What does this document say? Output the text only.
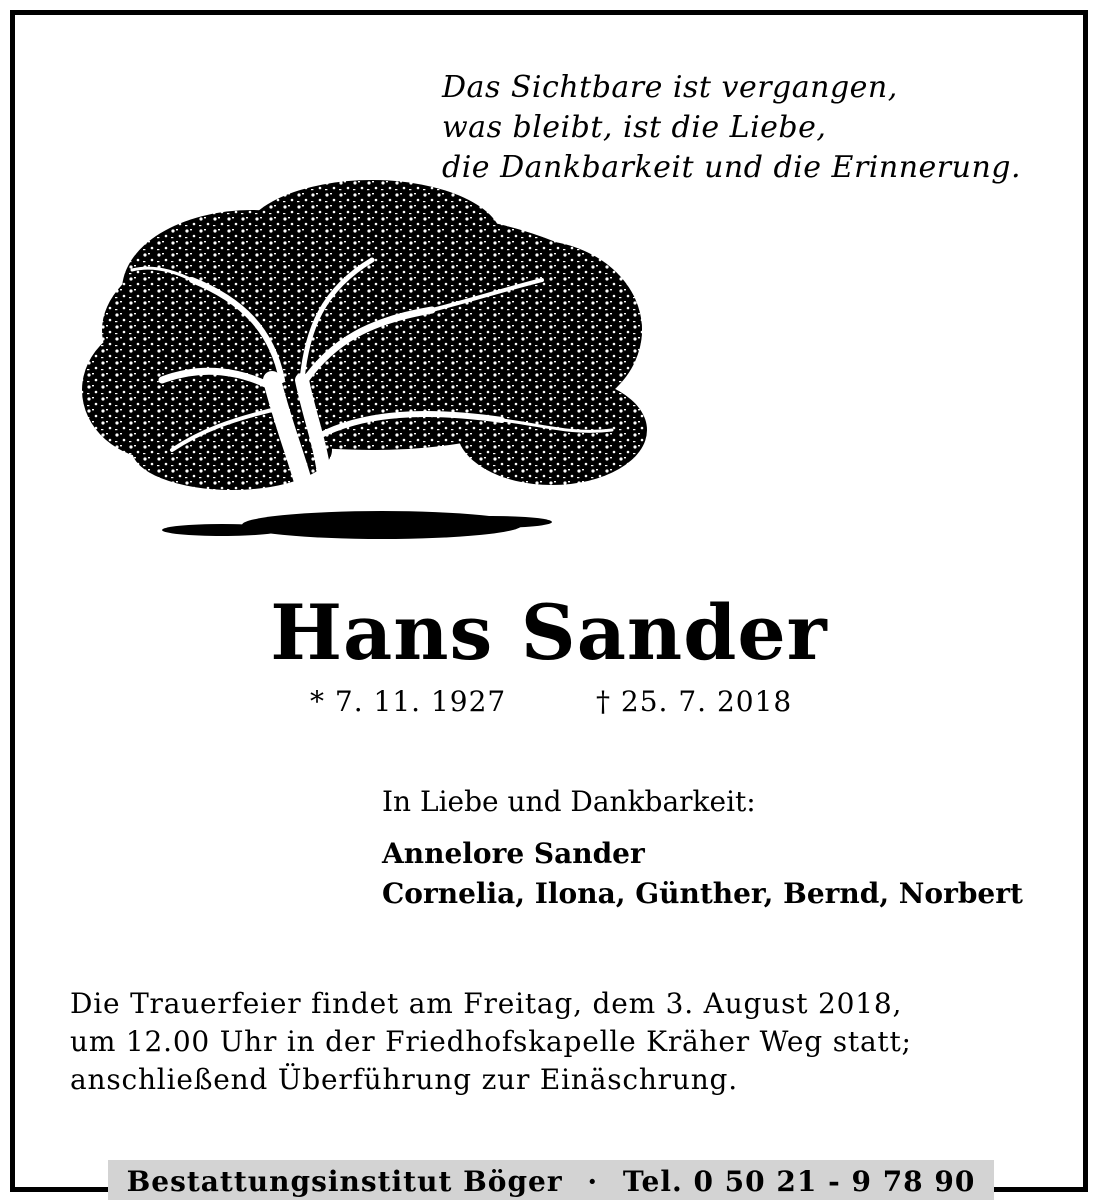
Das Sichtbare ist vergangen,
was bleibt, ist die Liebe,
die Dankbarkeit und die Erinnerung.
Hans Sander
* 7. 11. 1927	† 25. 7. 2018
In Liebe und Dankbarkeit:
Annelore Sander
Cornelia, Ilona, Günther, Bernd, Norbert
Die Trauerfeier findet am Freitag, dem 3. August 2018,
um 12.00 Uhr in der Friedhofskapelle Kräher Weg statt;
anschließend Überführung zur Einäschrung.
Bestattungsinstitut Böger · Tel. 0 50 21 - 9 78 90
